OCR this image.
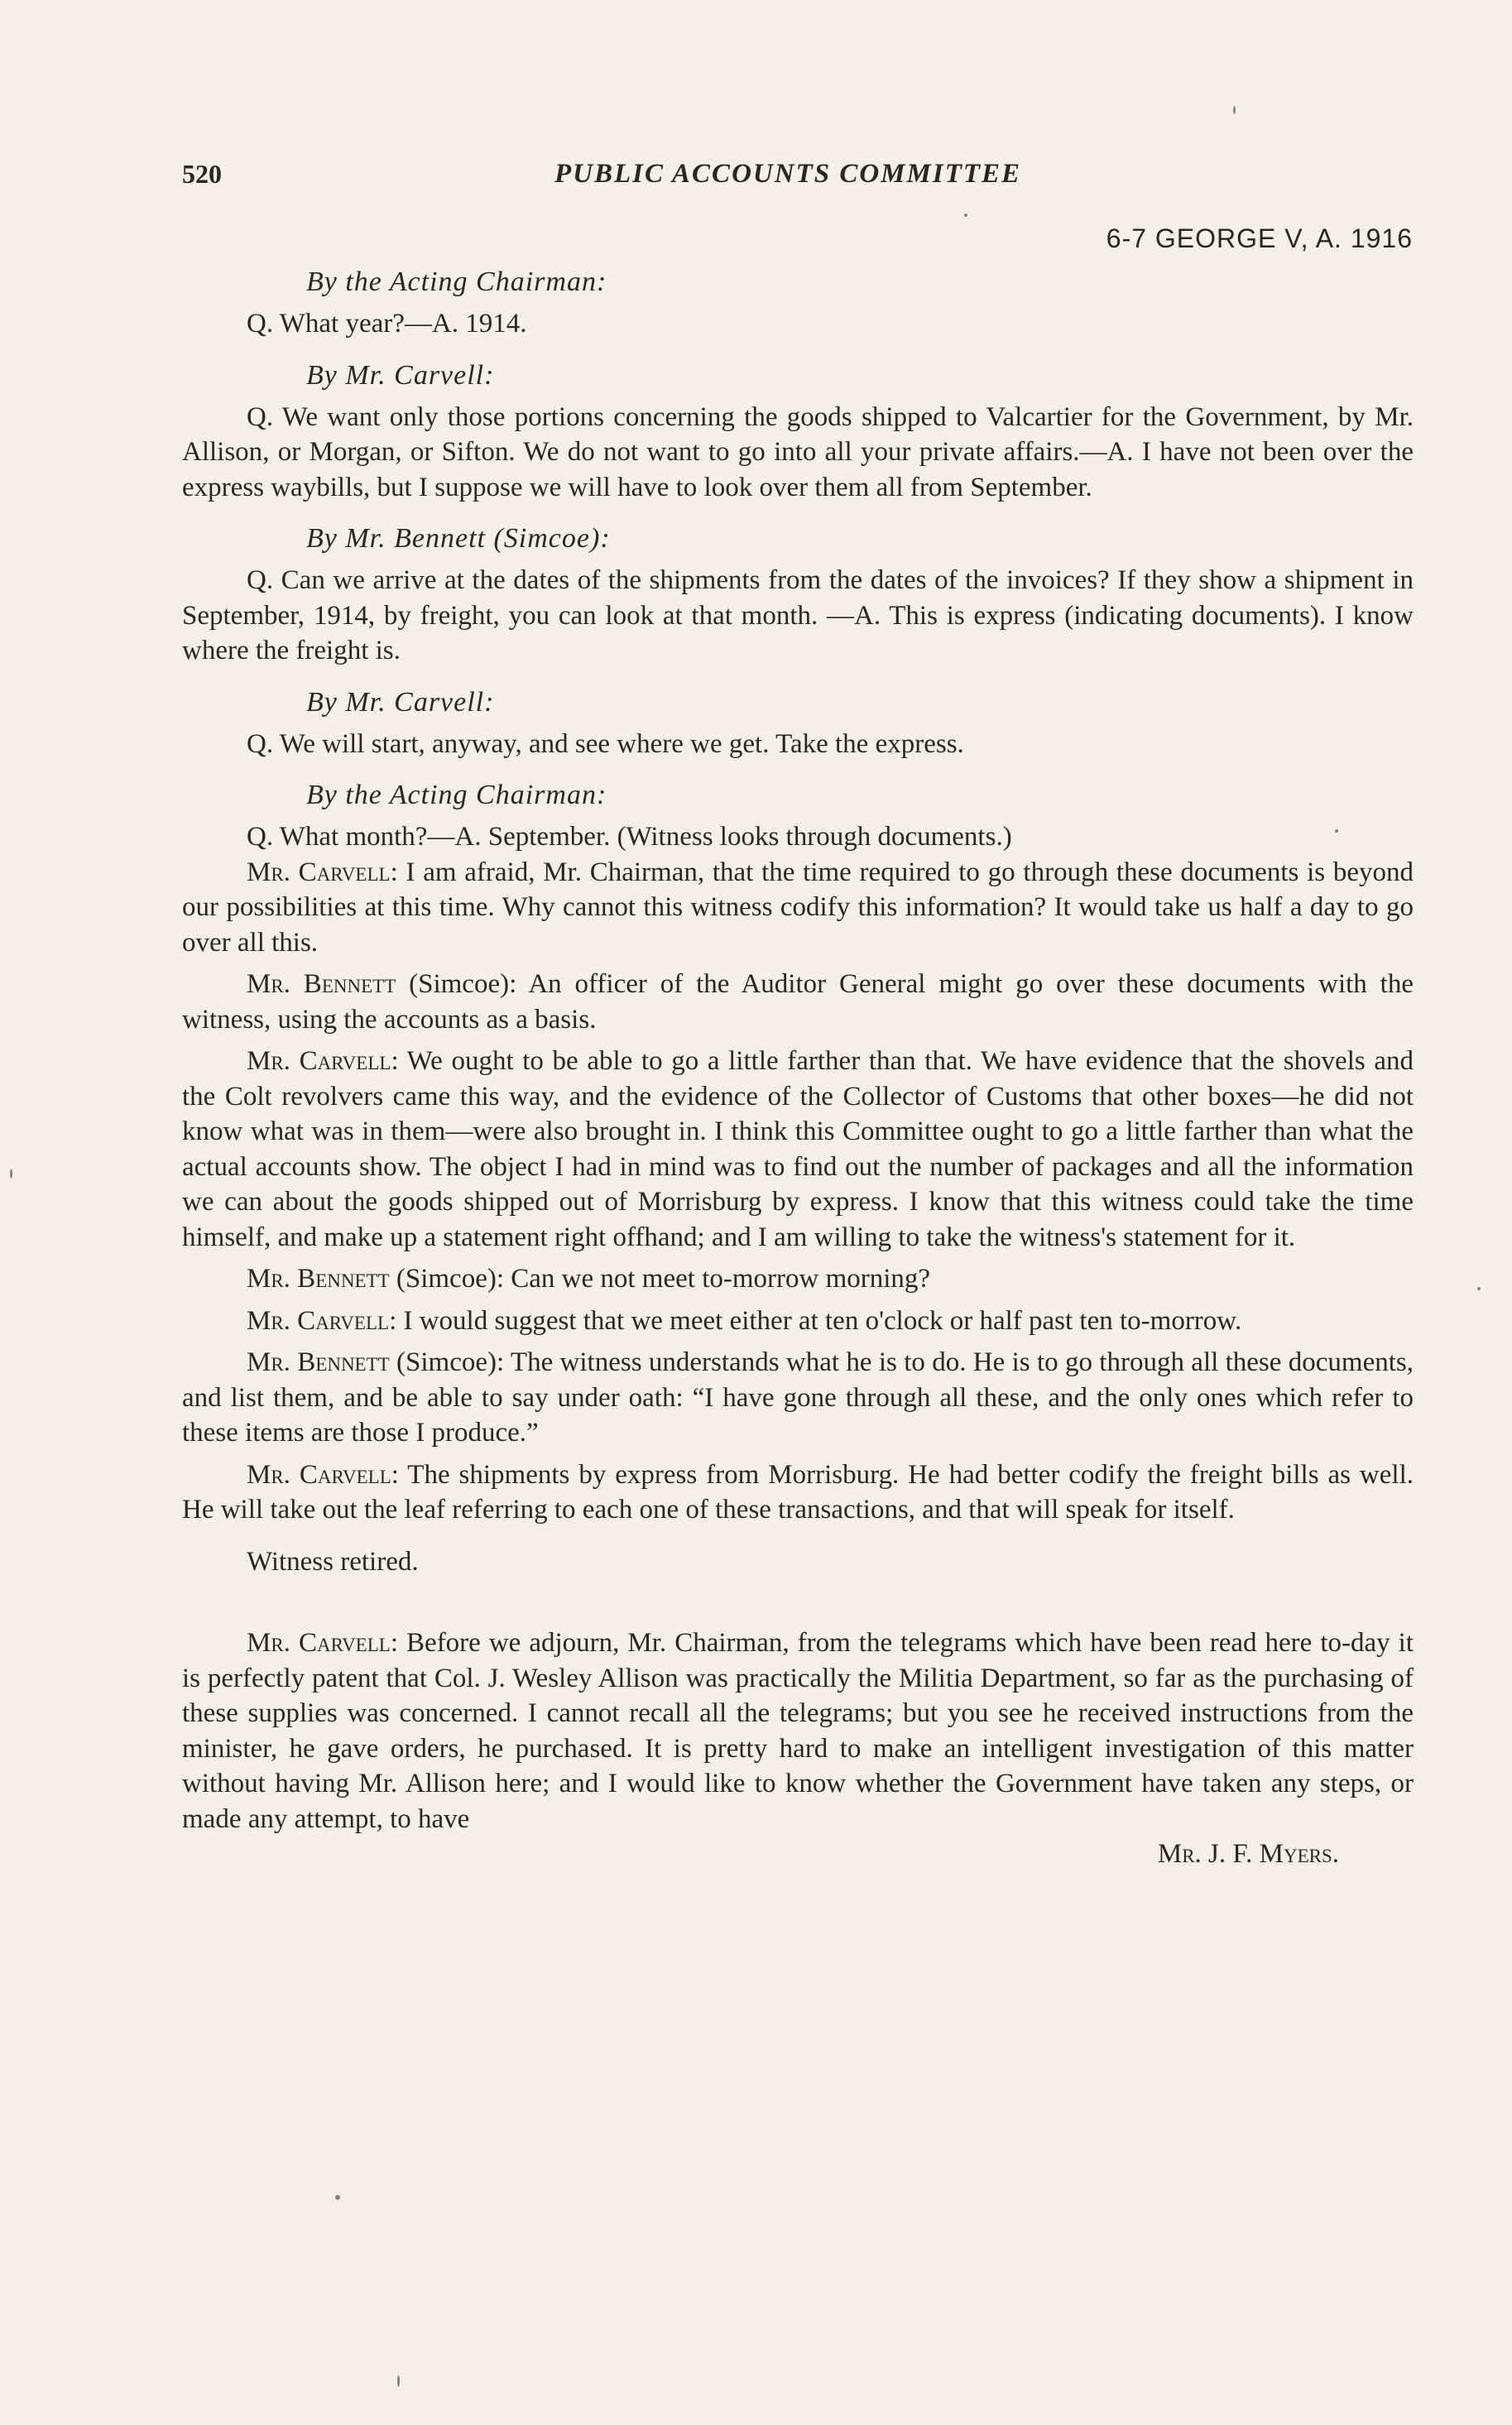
520	PUBLIC ACCOUNTS COMMITTEE
6-7 GEORGE V, A. 1916
By the Acting Chairman:
Q. What year?—A. 1914.
By Mr. Carvell:
Q. We want only those portions concerning the goods shipped to Valcartier for the Government, by Mr. Allison, or Morgan, or Sifton. We do not want to go into all your private affairs.—A. I have not been over the express waybills, but I suppose we will have to look over them all from September.
By Mr. Bennett (Simcoe):
Q. Can we arrive at the dates of the shipments from the dates of the invoices? If they show a shipment in September, 1914, by freight, you can look at that month. —A. This is express (indicating documents). I know where the freight is.
By Mr. Carvell:
Q. We will start, anyway, and see where we get. Take the express.
By the Acting Chairman:
Q. What month?—A. September. (Witness looks through documents.)
Mr. Carvell: I am afraid, Mr. Chairman, that the time required to go through these documents is beyond our possibilities at this time. Why cannot this witness codify this information? It would take us half a day to go over all this.
Mr. Bennett (Simcoe): An officer of the Auditor General might go over these documents with the witness, using the accounts as a basis.
Mr. Carvell: We ought to be able to go a little farther than that. We have evidence that the shovels and the Colt revolvers came this way, and the evidence of the Collector of Customs that other boxes—he did not know what was in them—were also brought in. I think this Committee ought to go a little farther than what the actual accounts show. The object I had in mind was to find out the number of packages and all the information we can about the goods shipped out of Morrisburg by express. I know that this witness could take the time himself, and make up a statement right offhand; and I am willing to take the witness's statement for it.
Mr. Bennett (Simcoe): Can we not meet to-morrow morning?
Mr. Carvell: I would suggest that we meet either at ten o'clock or half past ten to-morrow.
Mr. Bennett (Simcoe): The witness understands what he is to do. He is to go through all these documents, and list them, and be able to say under oath: “I have gone through all these, and the only ones which refer to these items are those I produce.”
Mr. Carvell: The shipments by express from Morrisburg. He had better codify the freight bills as well. He will take out the leaf referring to each one of these transactions, and that will speak for itself.
Witness retired.
Mr. Carvell: Before we adjourn, Mr. Chairman, from the telegrams which have been read here to-day it is perfectly patent that Col. J. Wesley Allison was practically the Militia Department, so far as the purchasing of these supplies was concerned. I cannot recall all the telegrams; but you see he received instructions from the minister, he gave orders, he purchased. It is pretty hard to make an intelligent investigation of this matter without having Mr. Allison here; and I would like to know whether the Government have taken any steps, or made any attempt, to have
Mr. J. F. Myers.
